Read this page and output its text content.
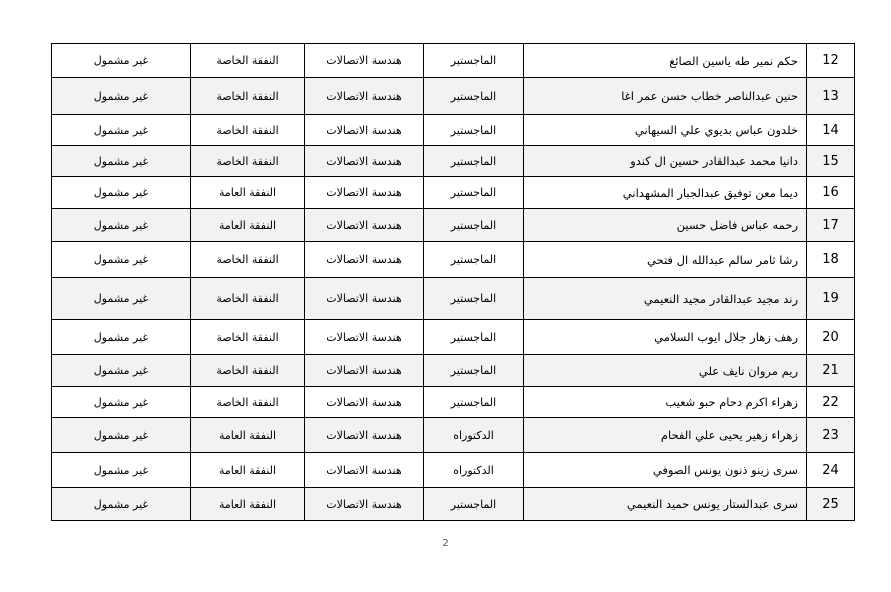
12	حكم نمير طه ياسين الصائغ	الماجستير	هندسة الاتصالات	النفقة الخاصة	غير مشمول
13	حنين عبدالناصر خطاب حسن عمر اغا	الماجستير	هندسة الاتصالات	النفقة الخاصة	غير مشمول
14	خلدون عباس بديوي علي السيهاني	الماجستير	هندسة الاتصالات	النفقة الخاصة	غير مشمول
15	دانيا محمد عبدالقادر حسين ال كندو	الماجستير	هندسة الاتصالات	النفقة الخاصة	غير مشمول
16	ديما معن توفيق عبدالجبار المشهداني	الماجستير	هندسة الاتصالات	النفقة العامة	غير مشمول
17	رحمه عباس فاضل حسين	الماجستير	هندسة الاتصالات	النفقة العامة	غير مشمول
18	رشا ثامر سالم عبدالله ال فتحي	الماجستير	هندسة الاتصالات	النفقة الخاصة	غير مشمول
19	رند مجيد عبدالقادر مجيد النعيمي	الماجستير	هندسة الاتصالات	النفقة الخاصة	غير مشمول
20	رهف زهار جلال ايوب السلامي	الماجستير	هندسة الاتصالات	النفقة الخاصة	غير مشمول
21	ريم مروان نايف علي	الماجستير	هندسة الاتصالات	النفقة الخاصة	غير مشمول
22	زهراء اكرم دحام حبو شعيب	الماجستير	هندسة الاتصالات	النفقة الخاصة	غير مشمول
23	زهراء زهير يحيى علي الفحام	الدكتوراه	هندسة الاتصالات	النفقة العامة	غير مشمول
24	سرى زينو ذنون يونس الصوفي	الدكتوراه	هندسة الاتصالات	النفقة العامة	غير مشمول
25	سرى عبدالستار يونس حميد النعيمي	الماجستير	هندسة الاتصالات	النفقة العامة	غير مشمول
2
